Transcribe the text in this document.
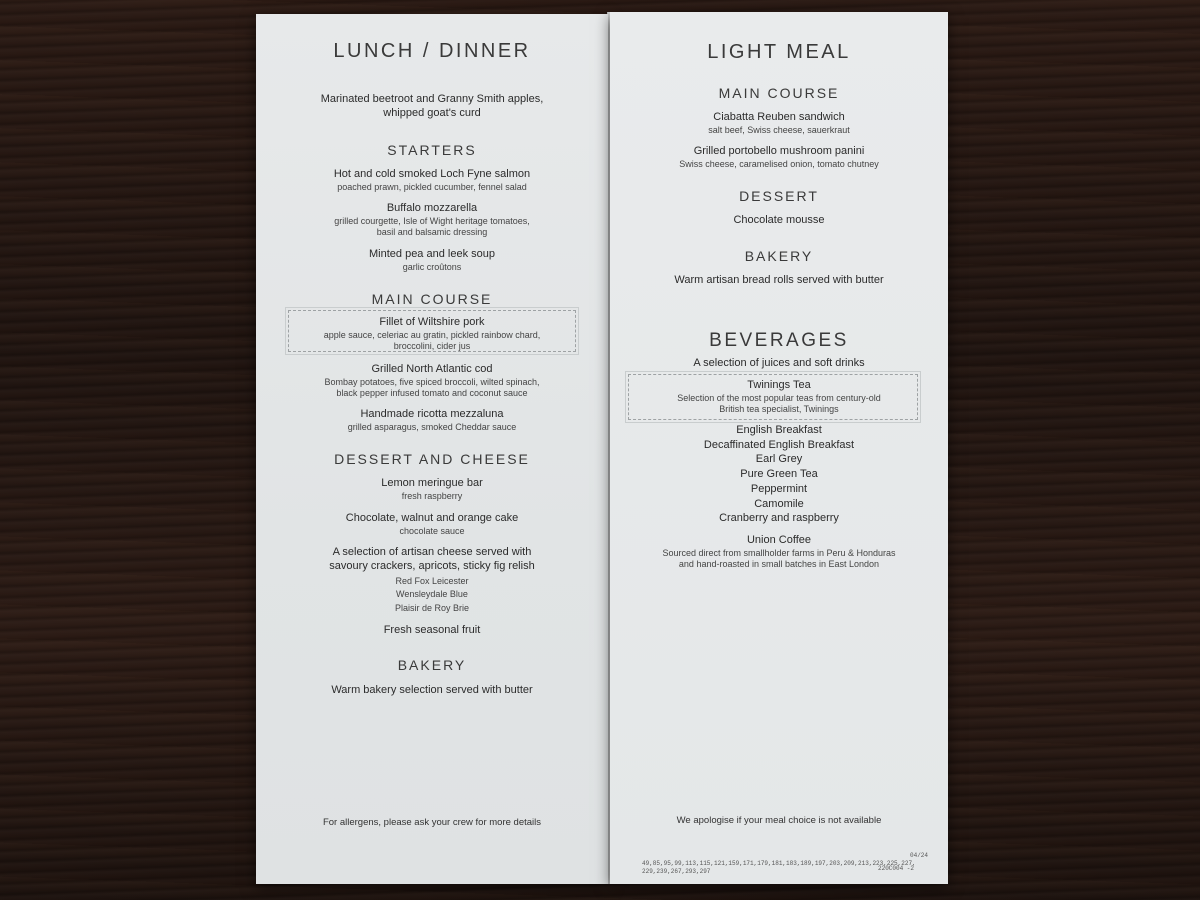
LUNCH / DINNER
Marinated beetroot and Granny Smith apples,
whipped goat's curd
STARTERS
Hot and cold smoked Loch Fyne salmon
poached prawn, pickled cucumber, fennel salad
Buffalo mozzarella
grilled courgette, Isle of Wight heritage tomatoes,
basil and balsamic dressing
Minted pea and leek soup
garlic croûtons
MAIN COURSE
Fillet of Wiltshire pork
apple sauce, celeriac au gratin, pickled rainbow chard,
broccolini, cider jus
Grilled North Atlantic cod
Bombay potatoes, five spiced broccoli, wilted spinach,
black pepper infused tomato and coconut sauce
Handmade ricotta mezzaluna
grilled asparagus, smoked Cheddar sauce
DESSERT AND CHEESE
Lemon meringue bar
fresh raspberry
Chocolate, walnut and orange cake
chocolate sauce
A selection of artisan cheese served with
savoury crackers, apricots, sticky fig relish
Red Fox Leicester
Wensleydale Blue
Plaisir de Roy Brie
Fresh seasonal fruit
BAKERY
Warm bakery selection served with butter
For allergens, please ask your crew for more details
LIGHT MEAL
MAIN COURSE
Ciabatta Reuben sandwich
salt beef, Swiss cheese, sauerkraut
Grilled portobello mushroom panini
Swiss cheese, caramelised onion, tomato chutney
DESSERT
Chocolate mousse
BAKERY
Warm artisan bread rolls served with butter
BEVERAGES
A selection of juices and soft drinks
Twinings Tea
Selection of the most popular teas from century-old
British tea specialist, Twinings
English Breakfast
Decaffinated English Breakfast
Earl Grey
Pure Green Tea
Peppermint
Camomile
Cranberry and raspberry
Union Coffee
Sourced direct from smallholder farms in Peru & Honduras
and hand-roasted in small batches in East London
We apologise if your meal choice is not available
49,85,95,99,113,115,121,159,171,179,181,183,189,197,203,209,213,223,225,227,
229,239,267,293,297
04/24
220C004 -2
